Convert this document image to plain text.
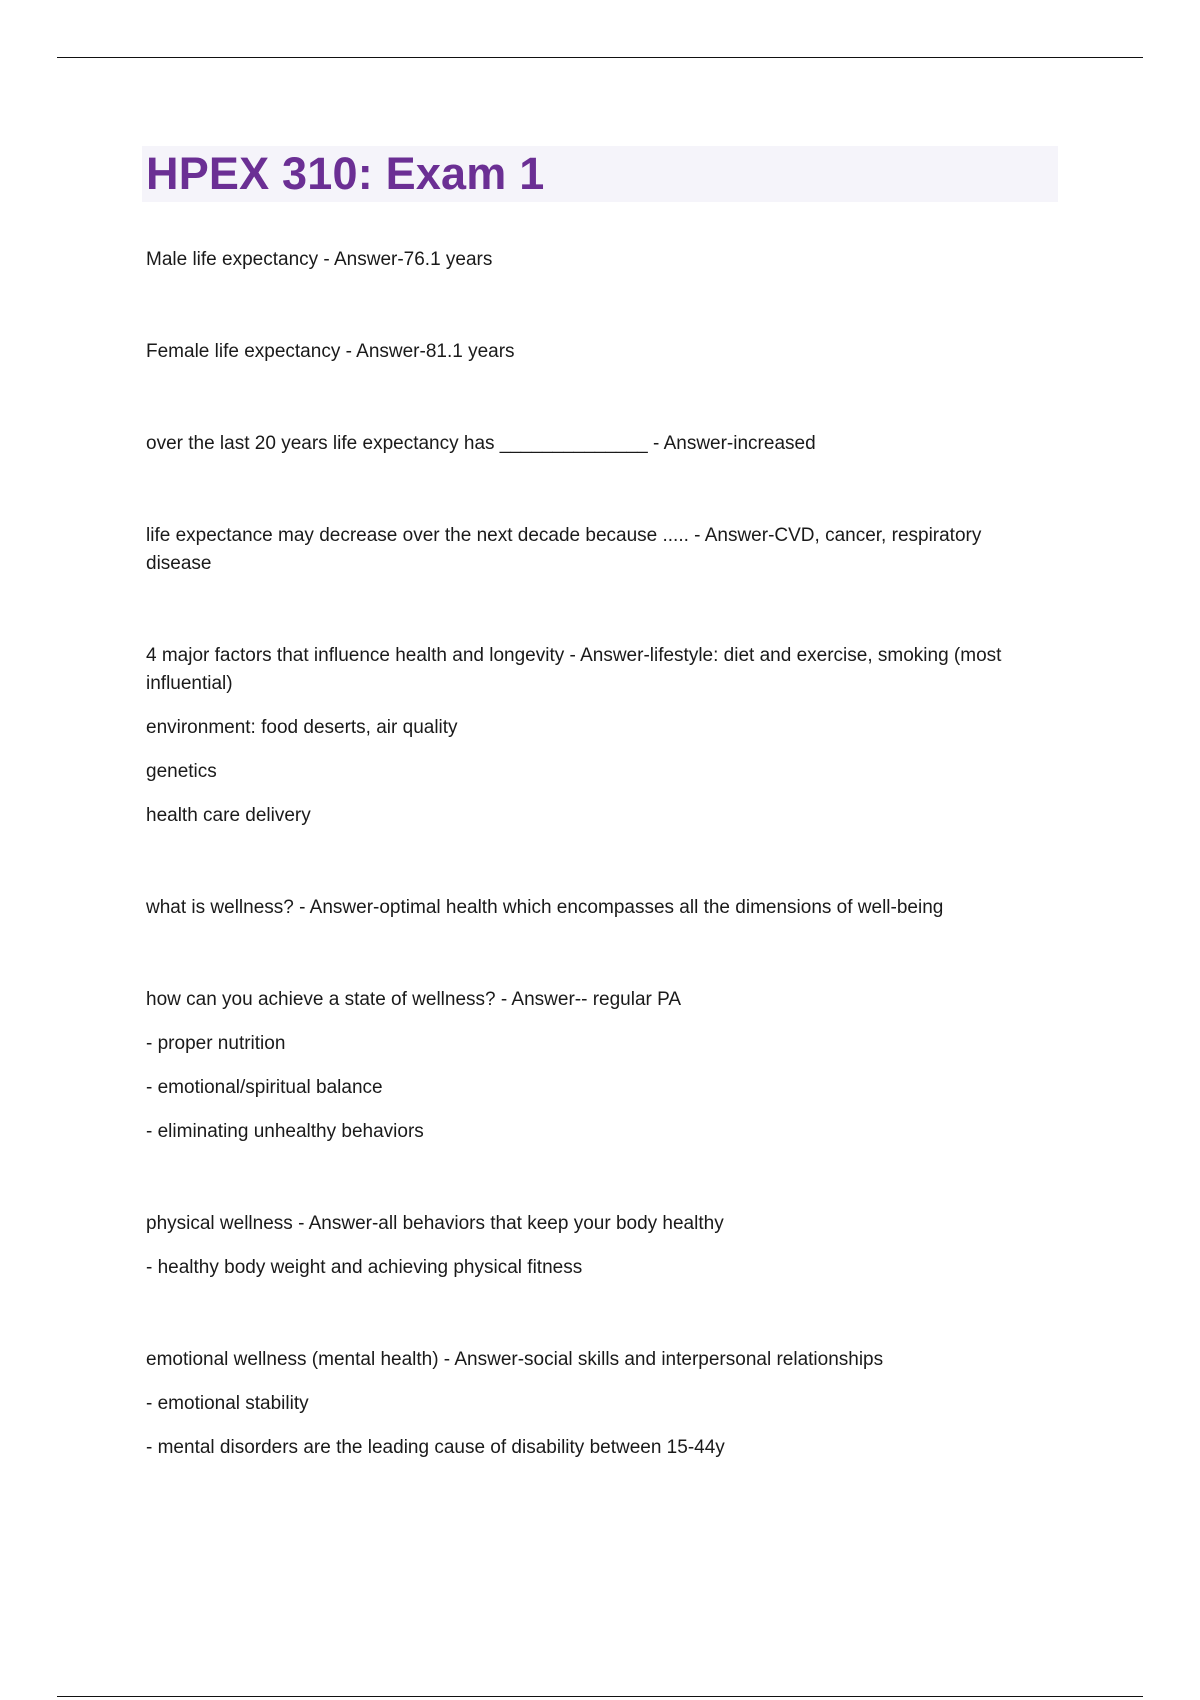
HPEX 310: Exam 1

Male life expectancy - Answer-76.1 years

Female life expectancy - Answer-81.1 years

over the last 20 years life expectancy has ______________ - Answer-increased

life expectance may decrease over the next decade because ..... - Answer-CVD, cancer, respiratory disease

4 major factors that influence health and longevity - Answer-lifestyle: diet and exercise, smoking (most influential)

environment: food deserts, air quality

genetics

health care delivery

what is wellness? - Answer-optimal health which encompasses all the dimensions of well-being

how can you achieve a state of wellness? - Answer-- regular PA

- proper nutrition

- emotional/spiritual balance

- eliminating unhealthy behaviors

physical wellness - Answer-all behaviors that keep your body healthy

- healthy body weight and achieving physical fitness

emotional wellness (mental health) - Answer-social skills and interpersonal relationships

- emotional stability

- mental disorders are the leading cause of disability between 15-44y
